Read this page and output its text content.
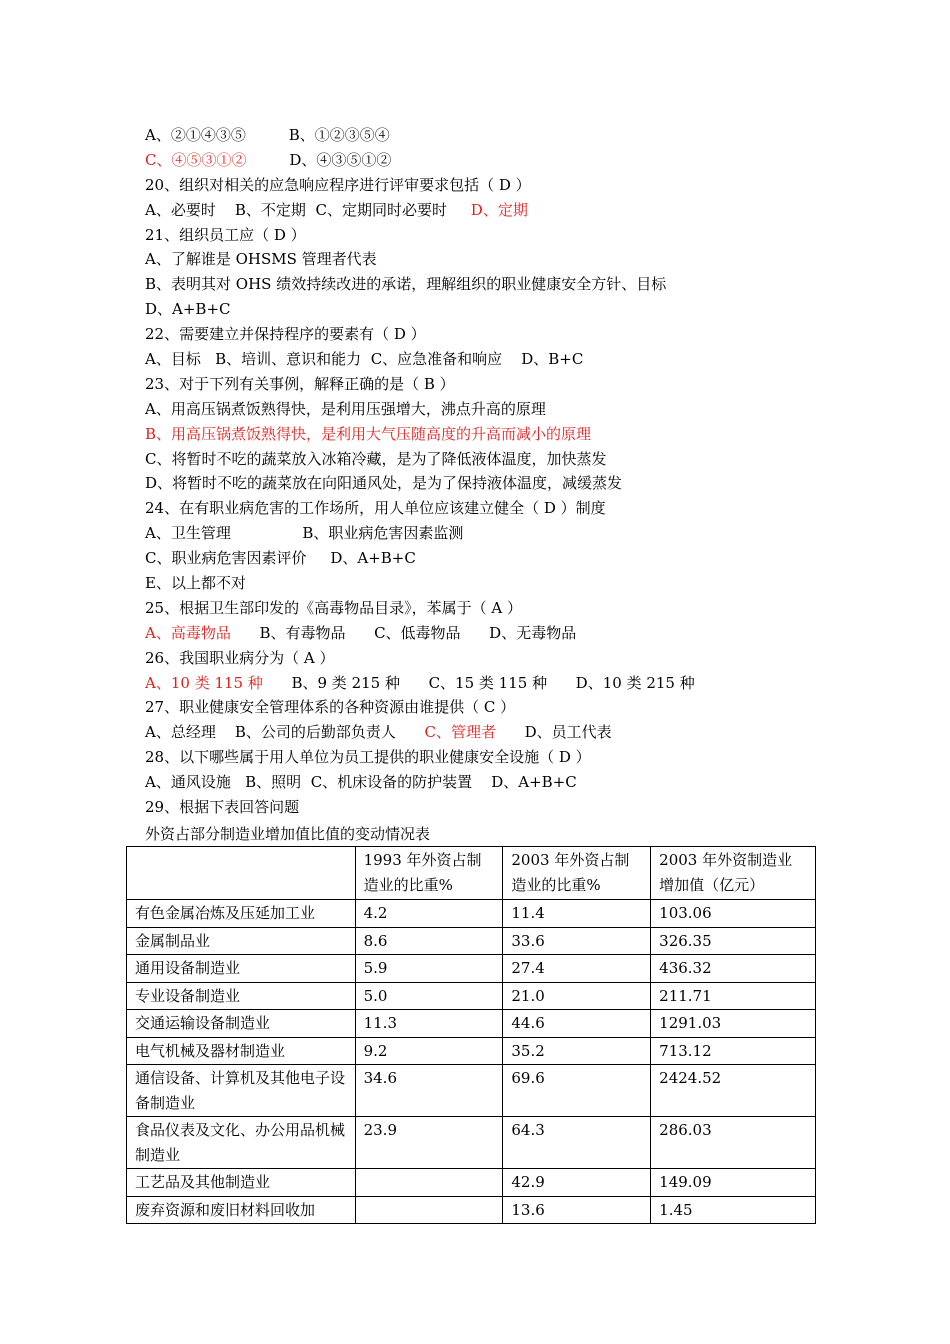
A、②①④③⑤         B、①②③⑤④
C、④⑤③①②         D、④③⑤①②
20、组织对相关的应急响应程序进行评审要求包括（ D ）
A、必要时    B、不定期  C、定期同时必要时     D、定期
21、组织员工应（ D ）
A、了解谁是 OHSMS 管理者代表
B、表明其对 OHS 绩效持续改进的承诺，理解组织的职业健康安全方针、目标
D、A+B+C
22、需要建立并保持程序的要素有（ D ）
A、目标   B、培训、意识和能力  C、应急准备和响应    D、B+C
23、对于下列有关事例，解释正确的是（ B ）
A、用高压锅煮饭熟得快，是利用压强增大，沸点升高的原理
B、用高压锅煮饭熟得快，是利用大气压随高度的升高而减小的原理
C、将暂时不吃的蔬菜放入冰箱冷藏，是为了降低液体温度，加快蒸发
D、将暂时不吃的蔬菜放在向阳通风处，是为了保持液体温度，减缓蒸发
24、在有职业病危害的工作场所，用人单位应该建立健全（ D ）制度
A、卫生管理               B、职业病危害因素监测
C、职业病危害因素评价     D、A+B+C
E、以上都不对
25、根据卫生部印发的《高毒物品目录》，苯属于（ A ）
A、高毒物品      B、有毒物品      C、低毒物品      D、无毒物品
26、我国职业病分为（ A ）
A、10 类 115 种      B、9 类 215 种      C、15 类 115 种      D、10 类 215 种
27、职业健康安全管理体系的各种资源由谁提供（ C ）
A、总经理    B、公司的后勤部负责人      C、管理者      D、员工代表
28、以下哪些属于用人单位为员工提供的职业健康安全设施（ D ）
A、通风设施   B、照明  C、机床设备的防护装置    D、A+B+C
29、根据下表回答问题
外资占部分制造业增加值比值的变动情况表
	1993 年外资占制造业的比重%	2003 年外资占制造业的比重%	2003 年外资制造业增加值（亿元）
有色金属冶炼及压延加工业	4.2	11.4	103.06
金属制品业	8.6	33.6	326.35
通用设备制造业	5.9	27.4	436.32
专业设备制造业	5.0	21.0	211.71
交通运输设备制造业	11.3	44.6	1291.03
电气机械及器材制造业	9.2	35.2	713.12
通信设备、计算机及其他电子设备制造业	34.6	69.6	2424.52
食品仪表及文化、办公用品机械制造业	23.9	64.3	286.03
工艺品及其他制造业		42.9	149.09
废弃资源和废旧材料回收加		13.6	1.45
